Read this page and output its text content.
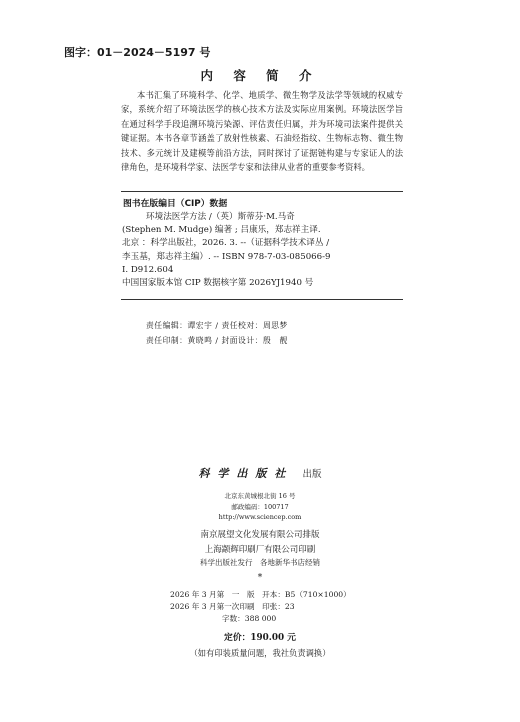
图字：01－2024－5197 号
内 容 简 介

本书汇集了环境科学、化学、地质学、微生物学及法学等领域的权威专家，系统介绍了环境法医学的核心技术方法及实际应用案例。环境法医学旨在通过科学手段追溯环境污染源、评估责任归属，并为环境司法案件提供关键证据。本书各章节涵盖了放射性核素、石油烃指纹、生物标志物、微生物技术、多元统计及建模等前沿方法，同时探讨了证据链构建与专家证人的法律角色，是环境科学家、法医学专家和法律从业者的重要参考资料。

图书在版编目（CIP）数据
环境法医学方法 /（英）斯蒂芬·M.马奇
(Stephen M. Mudge) 编著 ; 吕康乐，郑志祥主译.
北京 ：科学出版社，2026. 3. --（证据科学技术译丛 /
李玉基，郑志祥主编）. -- ISBN 978-7-03-085066-9
Ⅰ. D912.604
中国国家版本馆 CIP 数据核字第 2026YJ1940 号
责任编辑：谭宏宇 / 责任校对：周思梦
责任印制：黄晓鸣 / 封面设计：殷　靓
科学出版社 出版
北京东黄城根北街 16 号
邮政编码：100717
http://www.sciencep.com
南京展望文化发展有限公司排版
上海颛辉印刷厂有限公司印刷
科学出版社发行　各地新华书店经销
*
2026 年 3 月第　一　版　开本：B5（710×1000）
2026 年 3 月第一次印刷　印张：23
字数：388 000
定价：190.00 元
（如有印装质量问题，我社负责调换）
